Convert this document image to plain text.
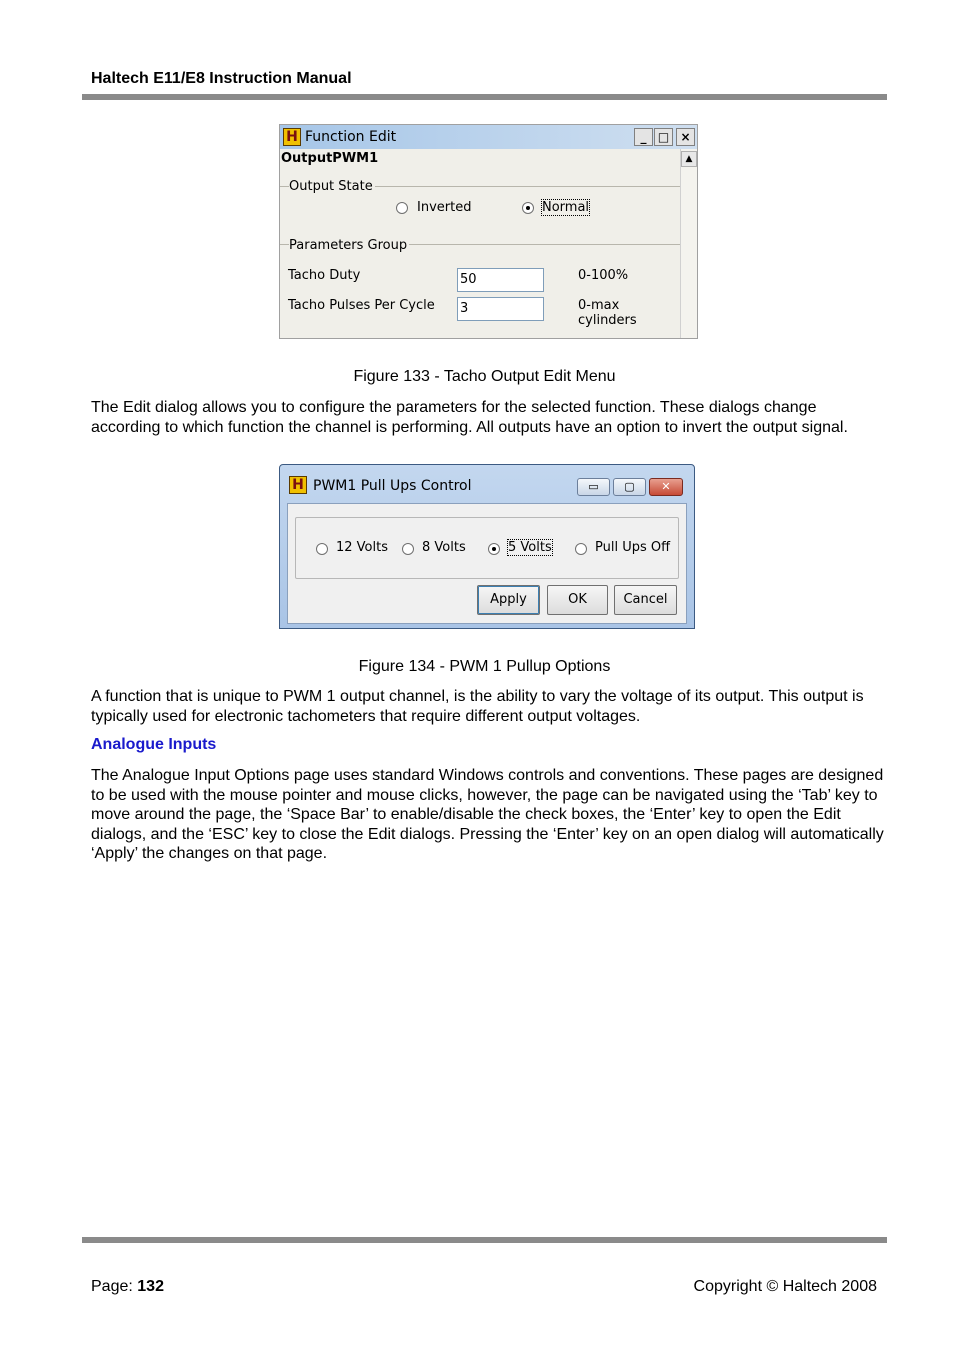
Haltech E11/E8 Instruction Manual
H Function Edit	_ □ ×
OutputPWM1
Output State
Inverted	Normal
Parameters Group
Tacho Duty	50	0-100%
Tacho Pulses Per Cycle 3	0-max cylinders
▲
Figure 133 - Tacho Output Edit Menu
The Edit dialog allows you to configure the parameters for the selected function. These dialogs change according to which function the channel is performing. All outputs have an option to invert the output signal.
H PWM1 Pull Ups Control	▭	▢	✕
12 Volts	8 Volts	5 Volts	Pull Ups Off
Apply	OK	Cancel
Figure 134 - PWM 1 Pullup Options
A function that is unique to PWM 1 output channel, is the ability to vary the voltage of its output. This output is typically used for electronic tachometers that require different output voltages.
Analogue Inputs
The Analogue Input Options page uses standard Windows controls and conventions. These pages are designed to be used with the mouse pointer and mouse clicks, however, the page can be navigated using the ‘Tab’ key to move around the page, the ‘Space Bar’ to enable/disable the check boxes, the ‘Enter’ key to open the Edit dialogs, and the ‘ESC’ key to close the Edit dialogs. Pressing the ‘Enter’ key on an open dialog will automatically ‘Apply’ the changes on that page.
Page: 132	Copyright © Haltech 2008
